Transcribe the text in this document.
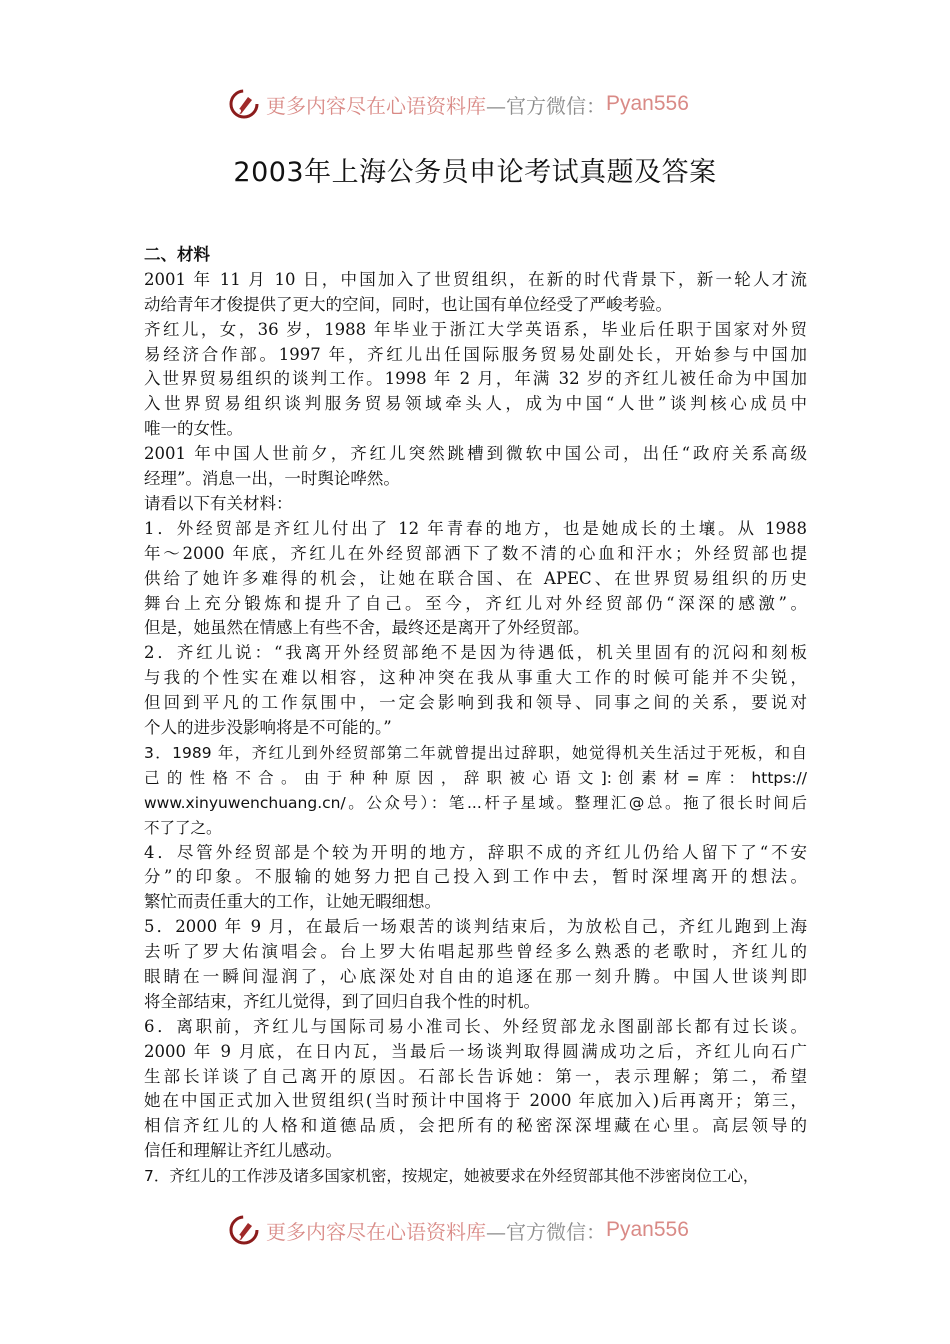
更多内容尽在心语资料库 —官方微信： Pyan556
2003年上海公务员申论考试真题及答案
二、材料
2001 年 11 月 10 日，中国加入了世贸组织，在新的时代背景下，新一轮人才流
动给青年才俊提供了更大的空间，同时，也让国有单位经受了严峻考验。
齐红儿，女，36 岁，1988 年毕业于浙江大学英语系，毕业后任职于国家对外贸
易经济合作部。1997 年，齐红儿出任国际服务贸易处副处长，开始参与中国加
入世界贸易组织的谈判工作。1998 年 2 月，年满 32 岁的齐红儿被任命为中国加
入世界贸易组织谈判服务贸易领域牵头人，成为中国“人世”谈判核心成员中
唯一的女性。
2001 年中国人世前夕，齐红儿突然跳槽到微软中国公司，出任“政府关系高级
经理”。消息一出，一时舆论哗然。
请看以下有关材料：
1．外经贸部是齐红儿付出了 12 年青春的地方，也是她成长的土壤。从 1988
年～2000 年底，齐红儿在外经贸部洒下了数不清的心血和汗水；外经贸部也提
供给了她许多难得的机会，让她在联合国、在 APEC、在世界贸易组织的历史
舞台上充分锻炼和提升了自己。至今，齐红儿对外经贸部仍“深深的感激”。
但是，她虽然在情感上有些不舍，最终还是离开了外经贸部。
2．齐红儿说：“我离开外经贸部绝不是因为待遇低，机关里固有的沉闷和刻板
与我的个性实在难以相容，这种冲突在我从事重大工作的时候可能并不尖锐，
但回到平凡的工作氛围中，一定会影响到我和领导、同事之间的关系，要说对
个人的进步没影响将是不可能的。”
3．1989 年，齐红儿到外经贸部第二年就曾提出过辞职，她觉得机关生活过于死板，和自
己 的 性 格 不 合 。 由 于 种 种 原 因 ， 辞 职 被 心 语 文 ]: 创 素 材 = 库 ： https://
www.xinyuwenchuang.cn/。公众号）：笔...杆子星域。整理汇@总。拖了很长时间后
不了了之。
4．尽管外经贸部是个较为开明的地方，辞职不成的齐红儿仍给人留下了“不安
分”的印象。不服输的她努力把自己投入到工作中去，暂时深埋离开的想法。
繁忙而责任重大的工作，让她无暇细想。
5．2000 年 9 月，在最后一场艰苦的谈判结束后，为放松自己，齐红儿跑到上海
去听了罗大佑演唱会。台上罗大佑唱起那些曾经多么熟悉的老歌时，齐红儿的
眼睛在一瞬间湿润了，心底深处对自由的追逐在那一刻升腾。中国人世谈判即
将全部结束，齐红儿觉得，到了回归自我个性的时机。
6．离职前，齐红儿与国际司易小准司长、外经贸部龙永图副部长都有过长谈。
2000 年 9 月底，在日内瓦，当最后一场谈判取得圆满成功之后，齐红儿向石广
生部长详谈了自己离开的原因。石部长告诉她：第一，表示理解；第二，希望
她在中国正式加入世贸组织(当时预计中国将于 2000 年底加入)后再离开；第三，
相信齐红儿的人格和道德品质，会把所有的秘密深深埋藏在心里。高层领导的
信任和理解让齐红儿感动。
7．齐红儿的工作涉及诸多国家机密，按规定，她被要求在外经贸部其他不涉密岗位工心，
更多内容尽在心语资料库 —官方微信： Pyan556
